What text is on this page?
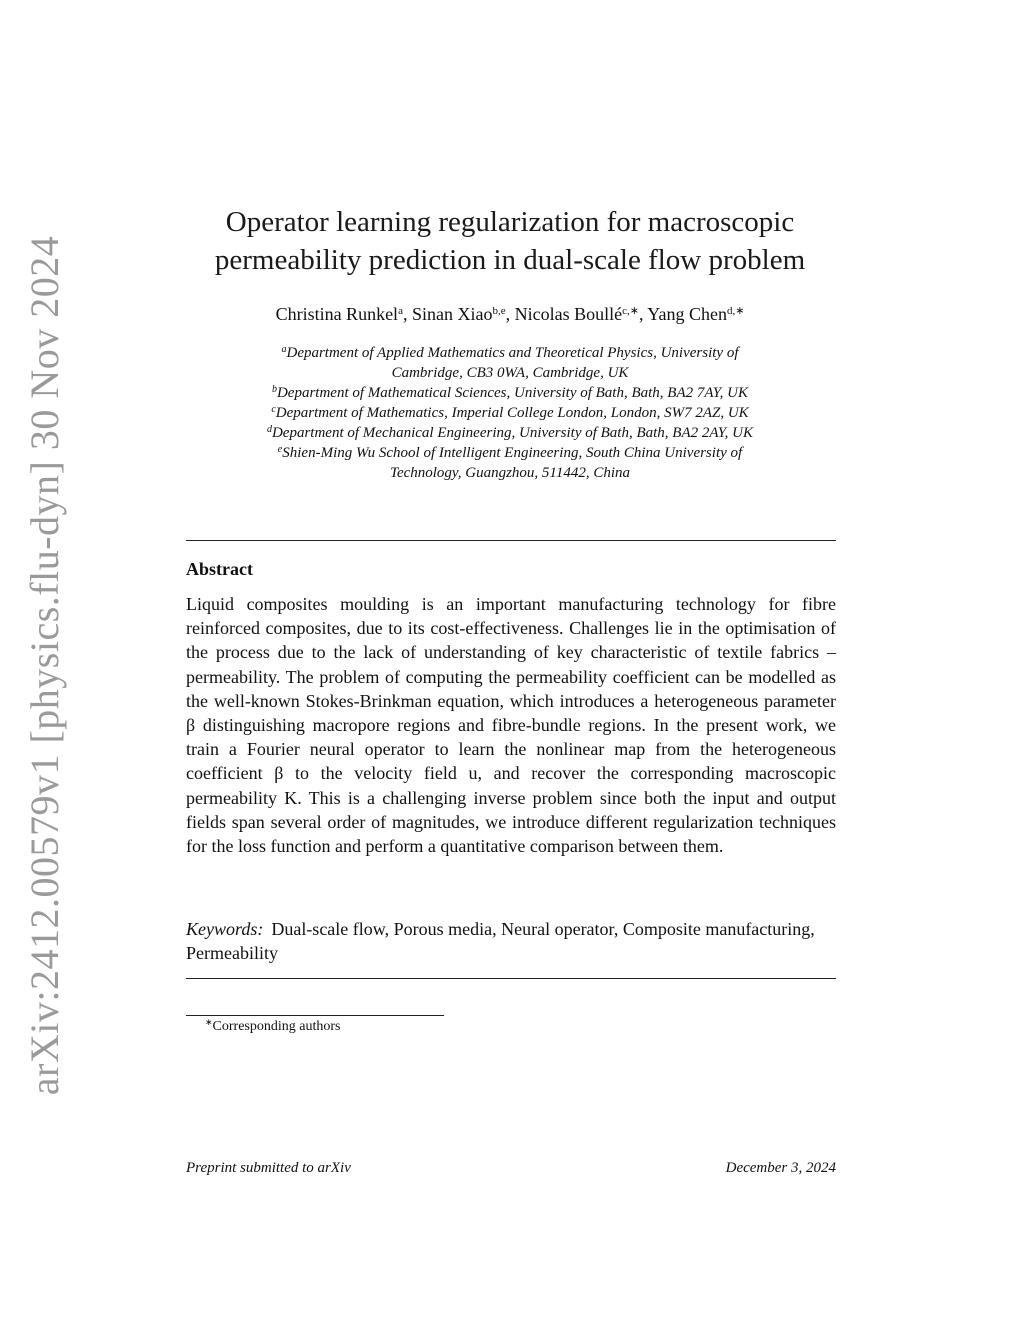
arXiv:2412.00579v1 [physics.flu-dyn] 30 Nov 2024
Operator learning regularization for macroscopic
permeability prediction in dual-scale flow problem
Christina Runkel$^a$, Sinan Xiao$^{b,e}$, Nicolas Boullé$^{c,∗}$, Yang Chen$^{d,∗}$
$^a$Department of Applied Mathematics and Theoretical Physics, University of
Cambridge, CB3 0WA, Cambridge, UK
$^b$Department of Mathematical Sciences, University of Bath, Bath, BA2 7AY, UK
$^c$Department of Mathematics, Imperial College London, London, SW7 2AZ, UK
$^d$Department of Mechanical Engineering, University of Bath, Bath, BA2 2AY, UK
$^e$Shien-Ming Wu School of Intelligent Engineering, South China University of
Technology, Guangzhou, 511442, China
Abstract

Liquid composites moulding is an important manufacturing technology for fibre reinforced composites, due to its cost-effectiveness. Challenges lie in the optimisation of the process due to the lack of understanding of key characteristic of textile fabrics – permeability. The problem of computing the permeability coefficient can be modelled as the well-known Stokes-Brinkman equation, which introduces a heterogeneous parameter β distinguishing macropore regions and fibre-bundle regions. In the present work, we train a Fourier neural operator to learn the nonlinear map from the heterogeneous coefficient β to the velocity field u, and recover the corresponding macroscopic permeability K. This is a challenging inverse problem since both the input and output fields span several order of magnitudes, we introduce different regularization techniques for the loss function and perform a quantitative comparison between them.

Keywords: Dual-scale flow, Porous media, Neural operator, Composite manufacturing, Permeability
∗Corresponding authors
Preprint submitted to arXiv	December 3, 2024
